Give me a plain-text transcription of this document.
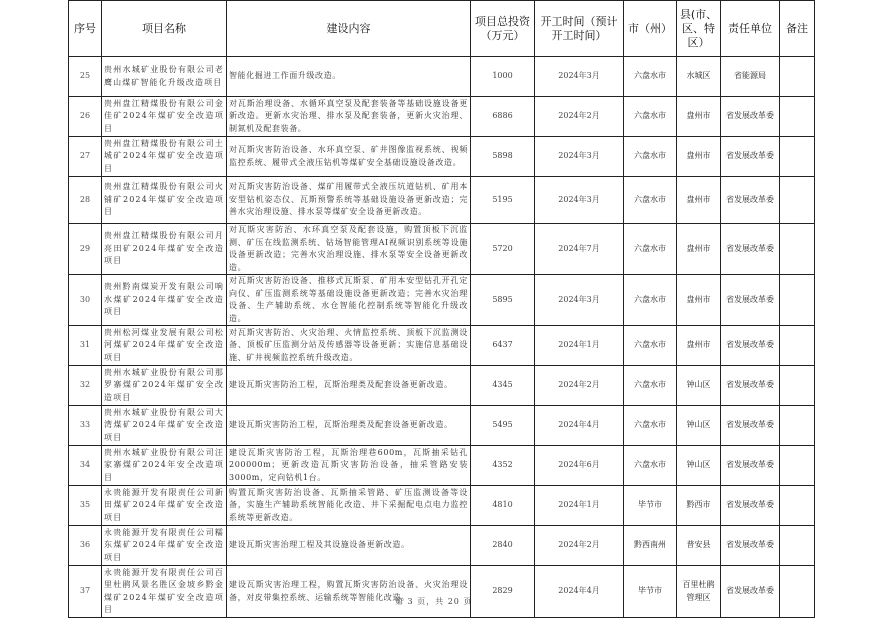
序号	项目名称	建设内容	项目总投资（万元）	开工时间（预计开工时间）	市（州）	县(市、区、特区）	责任单位	备注
25	贵州水城矿业股份有限公司老鹰山煤矿智能化升级改造项目	智能化掘进工作面升级改造。	1000	2024年3月	六盘水市	水城区	省能源局	
26	贵州盘江精煤股份有限公司金佳矿2024年煤矿安全改造项目	对瓦斯治理设备、水循环真空泵及配套装备等基础设施设备更新改造。更新水灾治理、排水泵及配套装备，更新火灾治理、制氮机及配套装备。	6886	2024年2月	六盘水市	盘州市	省发展改革委	
27	贵州盘江精煤股份有限公司土城矿2024年煤矿安全改造项目	对瓦斯灾害防治设备、水环真空泵、矿井图像监视系统、视频监控系统、履带式全液压钻机等煤矿安全基础设施设备改造。	5898	2024年3月	六盘水市	盘州市	省发展改革委	
28	贵州盘江精煤股份有限公司火铺矿2024年煤矿安全改造项目	对瓦斯灾害防治设备、煤矿用履带式全液压坑道钻机、矿用本安型钻机姿态仪、瓦斯预警系统等基础设施设备更新改造；完善水灾治理设施、排水泵等煤矿安全设备更新改造。	5195	2024年3月	六盘水市	盘州市	省发展改革委	
29	贵州盘江精煤股份有限公司月亮田矿2024年煤矿安全改造项目	对瓦斯灾害防治、水环真空泵及配套设施，购置顶板下沉监测、矿压在线监测系统、钻场智能管理AI视频识别系统等设施设备更新改造；完善水灾治理设施、排水泵等安全设备更新改造。	5720	2024年7月	六盘水市	盘州市	省发展改革委	
30	贵州黔南煤炭开发有限公司响水煤矿2024年煤矿安全改造项目	对瓦斯灾害防治设备、推移式瓦斯泵、矿用本安型钻孔开孔定向仪、矿压监测系统等基础设施设备更新改造；完善水灾治理设备、生产辅助系统、水仓智能化控制系统等智能化升级改造。	5895	2024年3月	六盘水市	盘州市	省发展改革委	
31	贵州松河煤业发展有限公司松河煤矿2024年煤矿安全改造项目	对瓦斯灾害防治、火灾治理、火情监控系统、顶板下沉监测设备、顶板矿压监测分站及传感器等设备更新；实施信息基础设施、矿井视频监控系统升级改造。	6437	2024年1月	六盘水市	盘州市	省发展改革委	
32	贵州水城矿业股份有限公司那罗寨煤矿2024年煤矿安全改造项目	建设瓦斯灾害防治工程，瓦斯治理类及配套设备更新改造。	4345	2024年2月	六盘水市	钟山区	省发展改革委	
33	贵州水城矿业股份有限公司大湾煤矿2024年煤矿安全改造项目	建设瓦斯灾害防治工程，瓦斯治理类及配套设备更新改造。	5495	2024年4月	六盘水市	钟山区	省发展改革委	
34	贵州水城矿业股份有限公司汪家寨煤矿2024年安全改造项目	建设瓦斯灾害防治工程，瓦斯治理巷600m，瓦斯抽采钻孔200000m；更新改造瓦斯灾害防治设备，抽采管路安装3000m，定向钻机1台。	4352	2024年6月	六盘水市	钟山区	省发展改革委	
35	永贵能源开发有限责任公司新田煤矿2024年煤矿安全改造项目	购置瓦斯灾害防治设备、瓦斯抽采管路、矿压监测设备等设备，实施生产辅助系统智能化改造、井下采掘配电点电力监控系统等更新改造。	4810	2024年1月	毕节市	黔西市	省发展改革委	
36	永贵能源开发有限责任公司糯东煤矿2024年煤矿安全改造项目	建设瓦斯灾害治理工程及其设施设备更新改造。	2840	2024年2月	黔西南州	普安县	省发展改革委	
37	永贵能源开发有限责任公司百里杜鹃风景名胜区金坡乡黔金煤矿2024年煤矿安全改造项目	建设瓦斯灾害治理工程，购置瓦斯灾害防治设备、火灾治理设备，对皮带集控系统、运输系统等智能化改造。	2829	2024年4月	毕节市	百里杜鹃管理区	省发展改革委	
第 3 页，共 20 页
